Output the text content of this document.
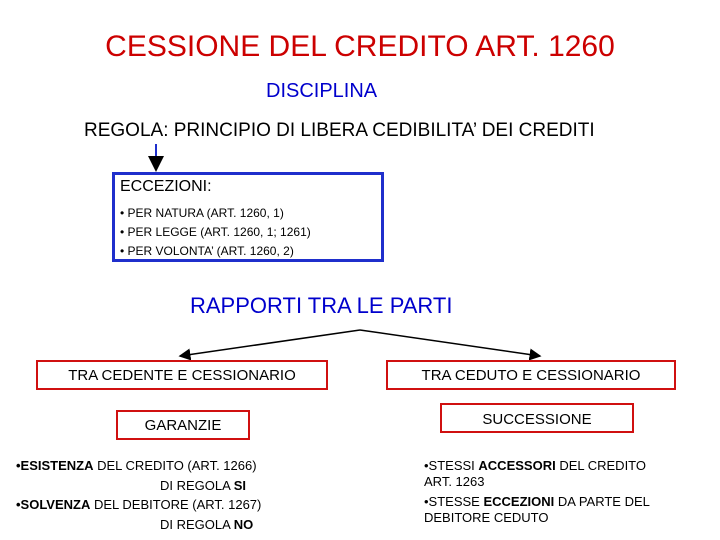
CESSIONE DEL CREDITO ART. 1260
DISCIPLINA
REGOLA: PRINCIPIO DI LIBERA CEDIBILITA’ DEI CREDITI
ECCEZIONI:
• PER NATURA (ART. 1260, 1)
• PER LEGGE (ART. 1260, 1; 1261)
• PER VOLONTA’ (ART. 1260, 2)
RAPPORTI TRA LE PARTI
TRA CEDENTE E CESSIONARIO	TRA CEDUTO E CESSIONARIO
GARANZIE	SUCCESSIONE
•ESISTENZA DEL CREDITO (ART. 1266)
DI REGOLA SI
•SOLVENZA DEL DEBITORE (ART. 1267)
DI REGOLA NO
•STESSI ACCESSORI DEL CREDITO
ART. 1263
•STESSE ECCEZIONI DA PARTE DEL
DEBITORE CEDUTO
